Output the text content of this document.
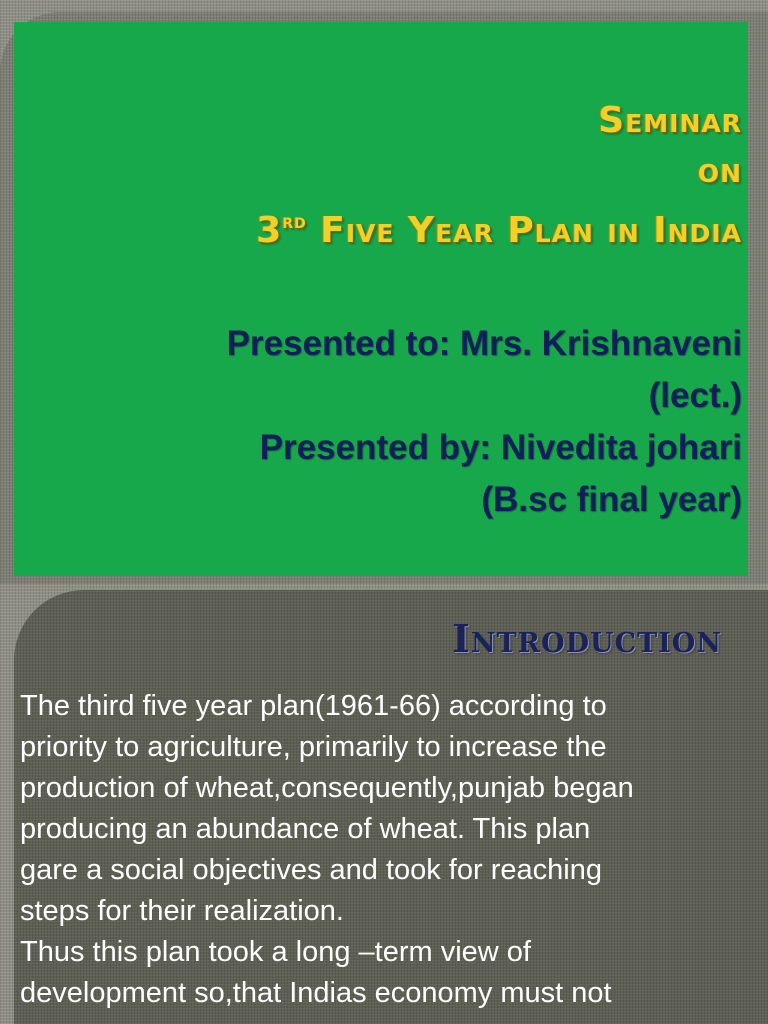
Seminar
on
3rd Five Year Plan in India
Presented to: Mrs. Krishnaveni
(lect.)
Presented by: Nivedita johari
(B.sc final year)
Introduction

The third five year plan(1961-66) according to
priority to agriculture, primarily to increase the
production of wheat,consequently,punjab began
producing an abundance of wheat. This plan
gare a social objectives and took for reaching
steps for their realization.

Thus this plan took a long –term view of
development so,that Indias economy must not
